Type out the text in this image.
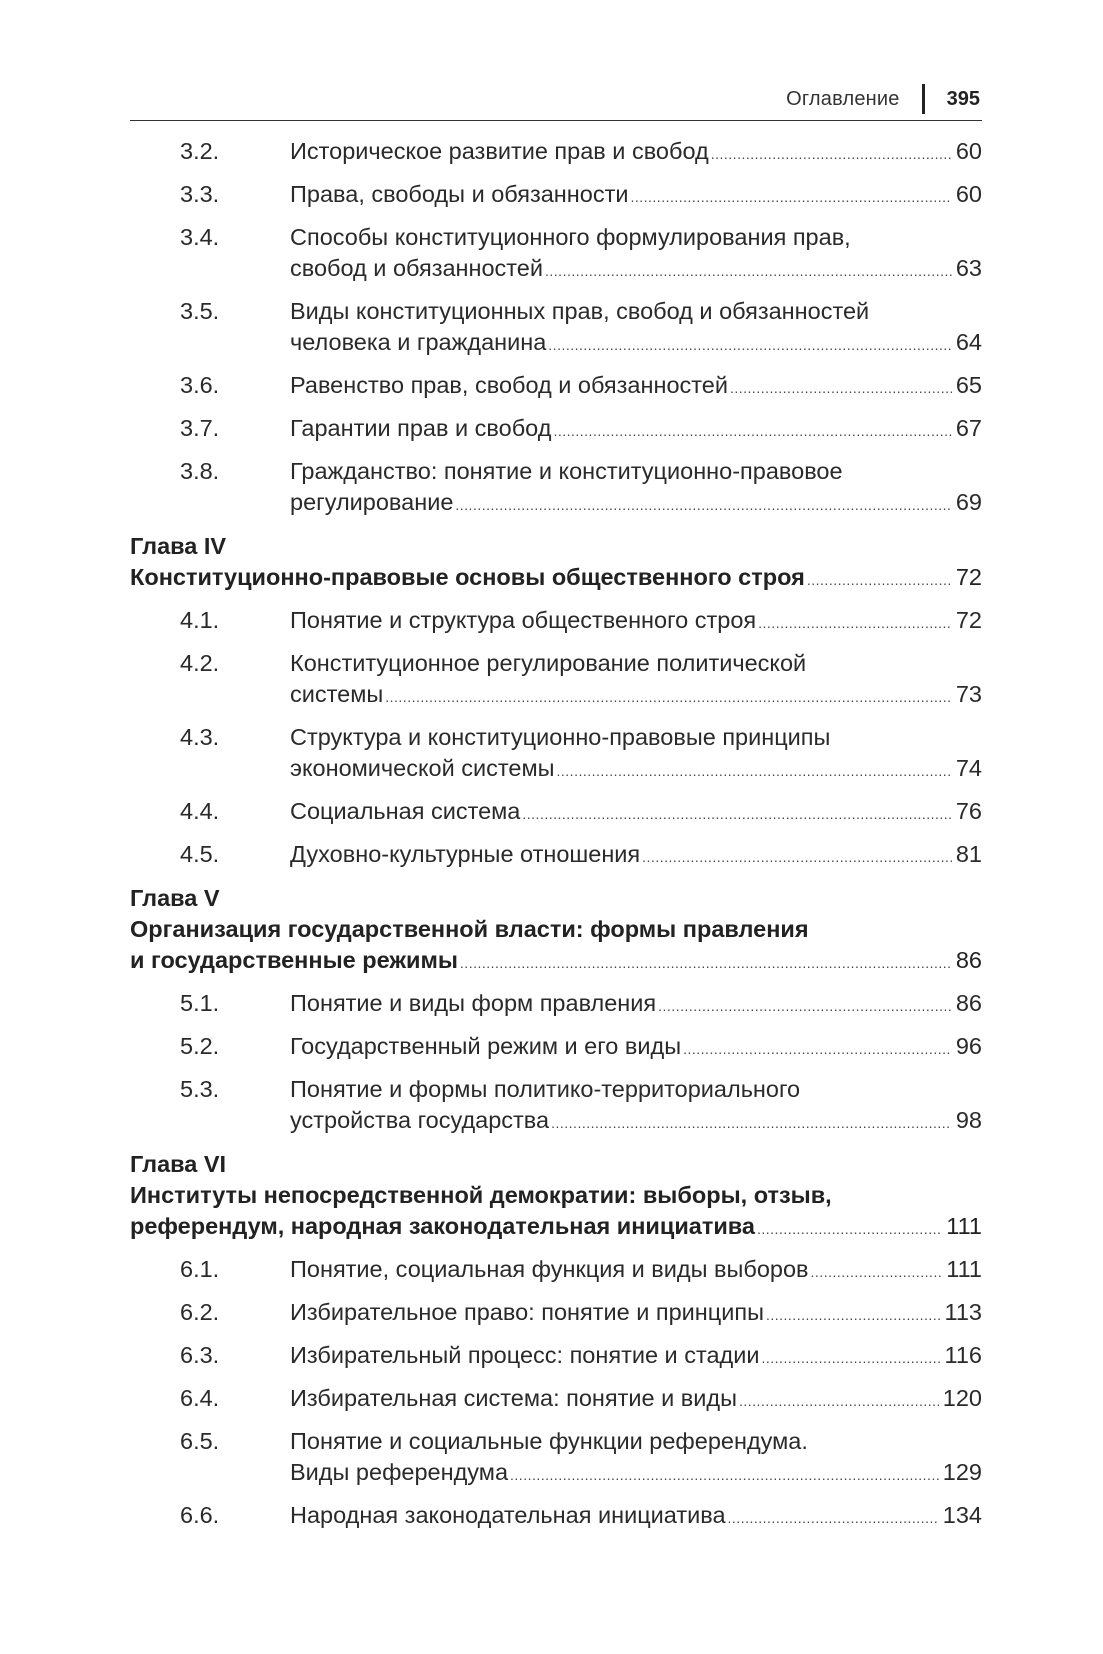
Оглавление 395
3.2.	Историческое развитие прав и свобод .....	60
3.3.	Права, свободы и обязанности .....	60
3.4.	Способы конституционного формулирования прав,
свобод и обязанностей .....	63
3.5.	Виды конституционных прав, свобод и обязанностей
человека и гражданина .....	64
3.6.	Равенство прав, свобод и обязанностей .....	65
3.7.	Гарантии прав и свобод .....	67
3.8.	Гражданство: понятие и конституционно-правовое
регулирование .....	69
Глава IV
Конституционно-правовые основы общественного строя .....	72
4.1.	Понятие и структура общественного строя .....	72
4.2.	Конституционное регулирование политической
системы .....	73
4.3.	Структура и конституционно-правовые принципы
экономической системы .....	74
4.4.	Социальная система .....	76
4.5.	Духовно-культурные отношения .....	81
Глава V
Организация государственной власти: формы правления
и государственные режимы .....	86
5.1.	Понятие и виды форм правления .....	86
5.2.	Государственный режим и его виды .....	96
5.3.	Понятие и формы политико-территориального
устройства государства .....	98
Глава VI
Институты непосредственной демократии: выборы, отзыв,
референдум, народная законодательная инициатива .....	111
6.1.	Понятие, социальная функция и виды выборов .....	111
6.2.	Избирательное право: понятие и принципы .....	113
6.3.	Избирательный процесс: понятие и стадии .....	116
6.4.	Избирательная система: понятие и виды .....	120
6.5.	Понятие и социальные функции референдума.
Виды референдума .....	129
6.6.	Народная законодательная инициатива .....	134
